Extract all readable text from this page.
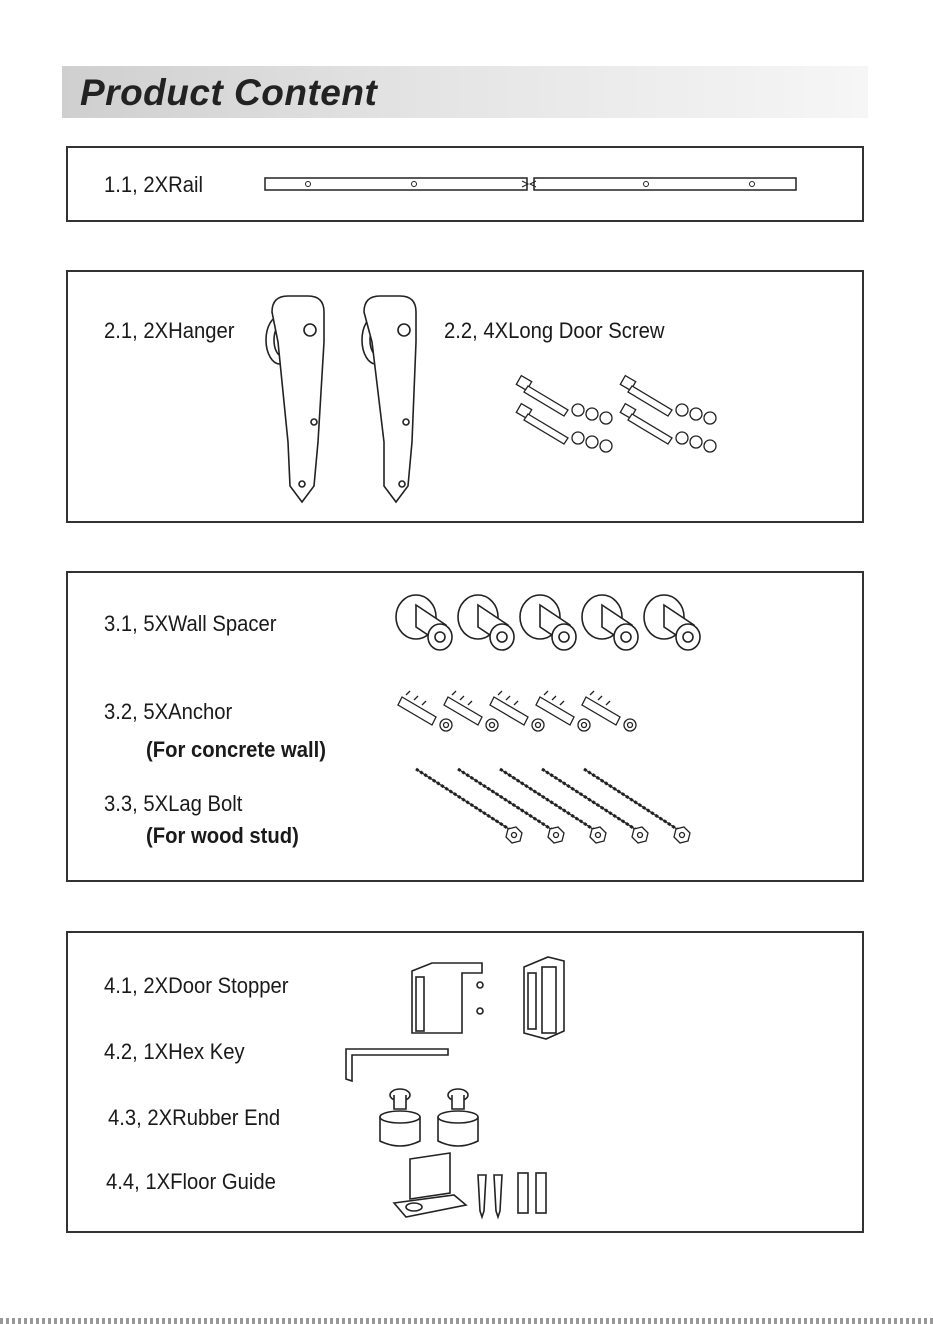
Product Content
1.1, 2XRail
2.1, 2XHanger	2.2, 4XLong Door Screw
3.1, 5XWall Spacer
3.2, 5XAnchor
(For concrete wall)
3.3, 5XLag Bolt
(For wood stud)
4.1, 2XDoor Stopper
4.2, 1XHex Key
4.3, 2XRubber End
4.4, 1XFloor Guide
